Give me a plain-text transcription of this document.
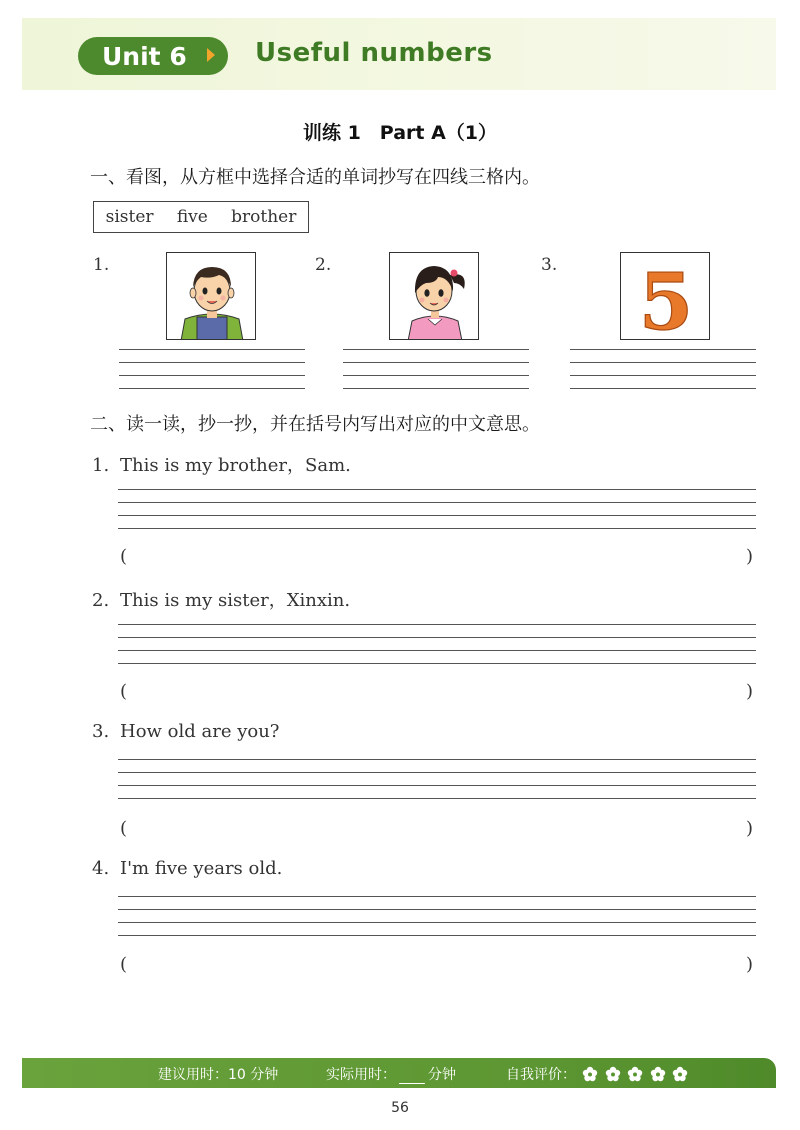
Unit 6	Useful numbers
训练 1　Part A（1）
一、看图，从方框中选择合适的单词抄写在四线三格内。
sister five brother
1.	2.	3. 5
二、读一读，抄一抄，并在括号内写出对应的中文意思。
1. This is my brother，Sam.
(	)
2. This is my sister，Xinxin.
(	)
3. How old are you?
(	)
4. I'm five years old.
(	)
建议用时：10 分钟	实际用时： 分钟	自我评价：
56
